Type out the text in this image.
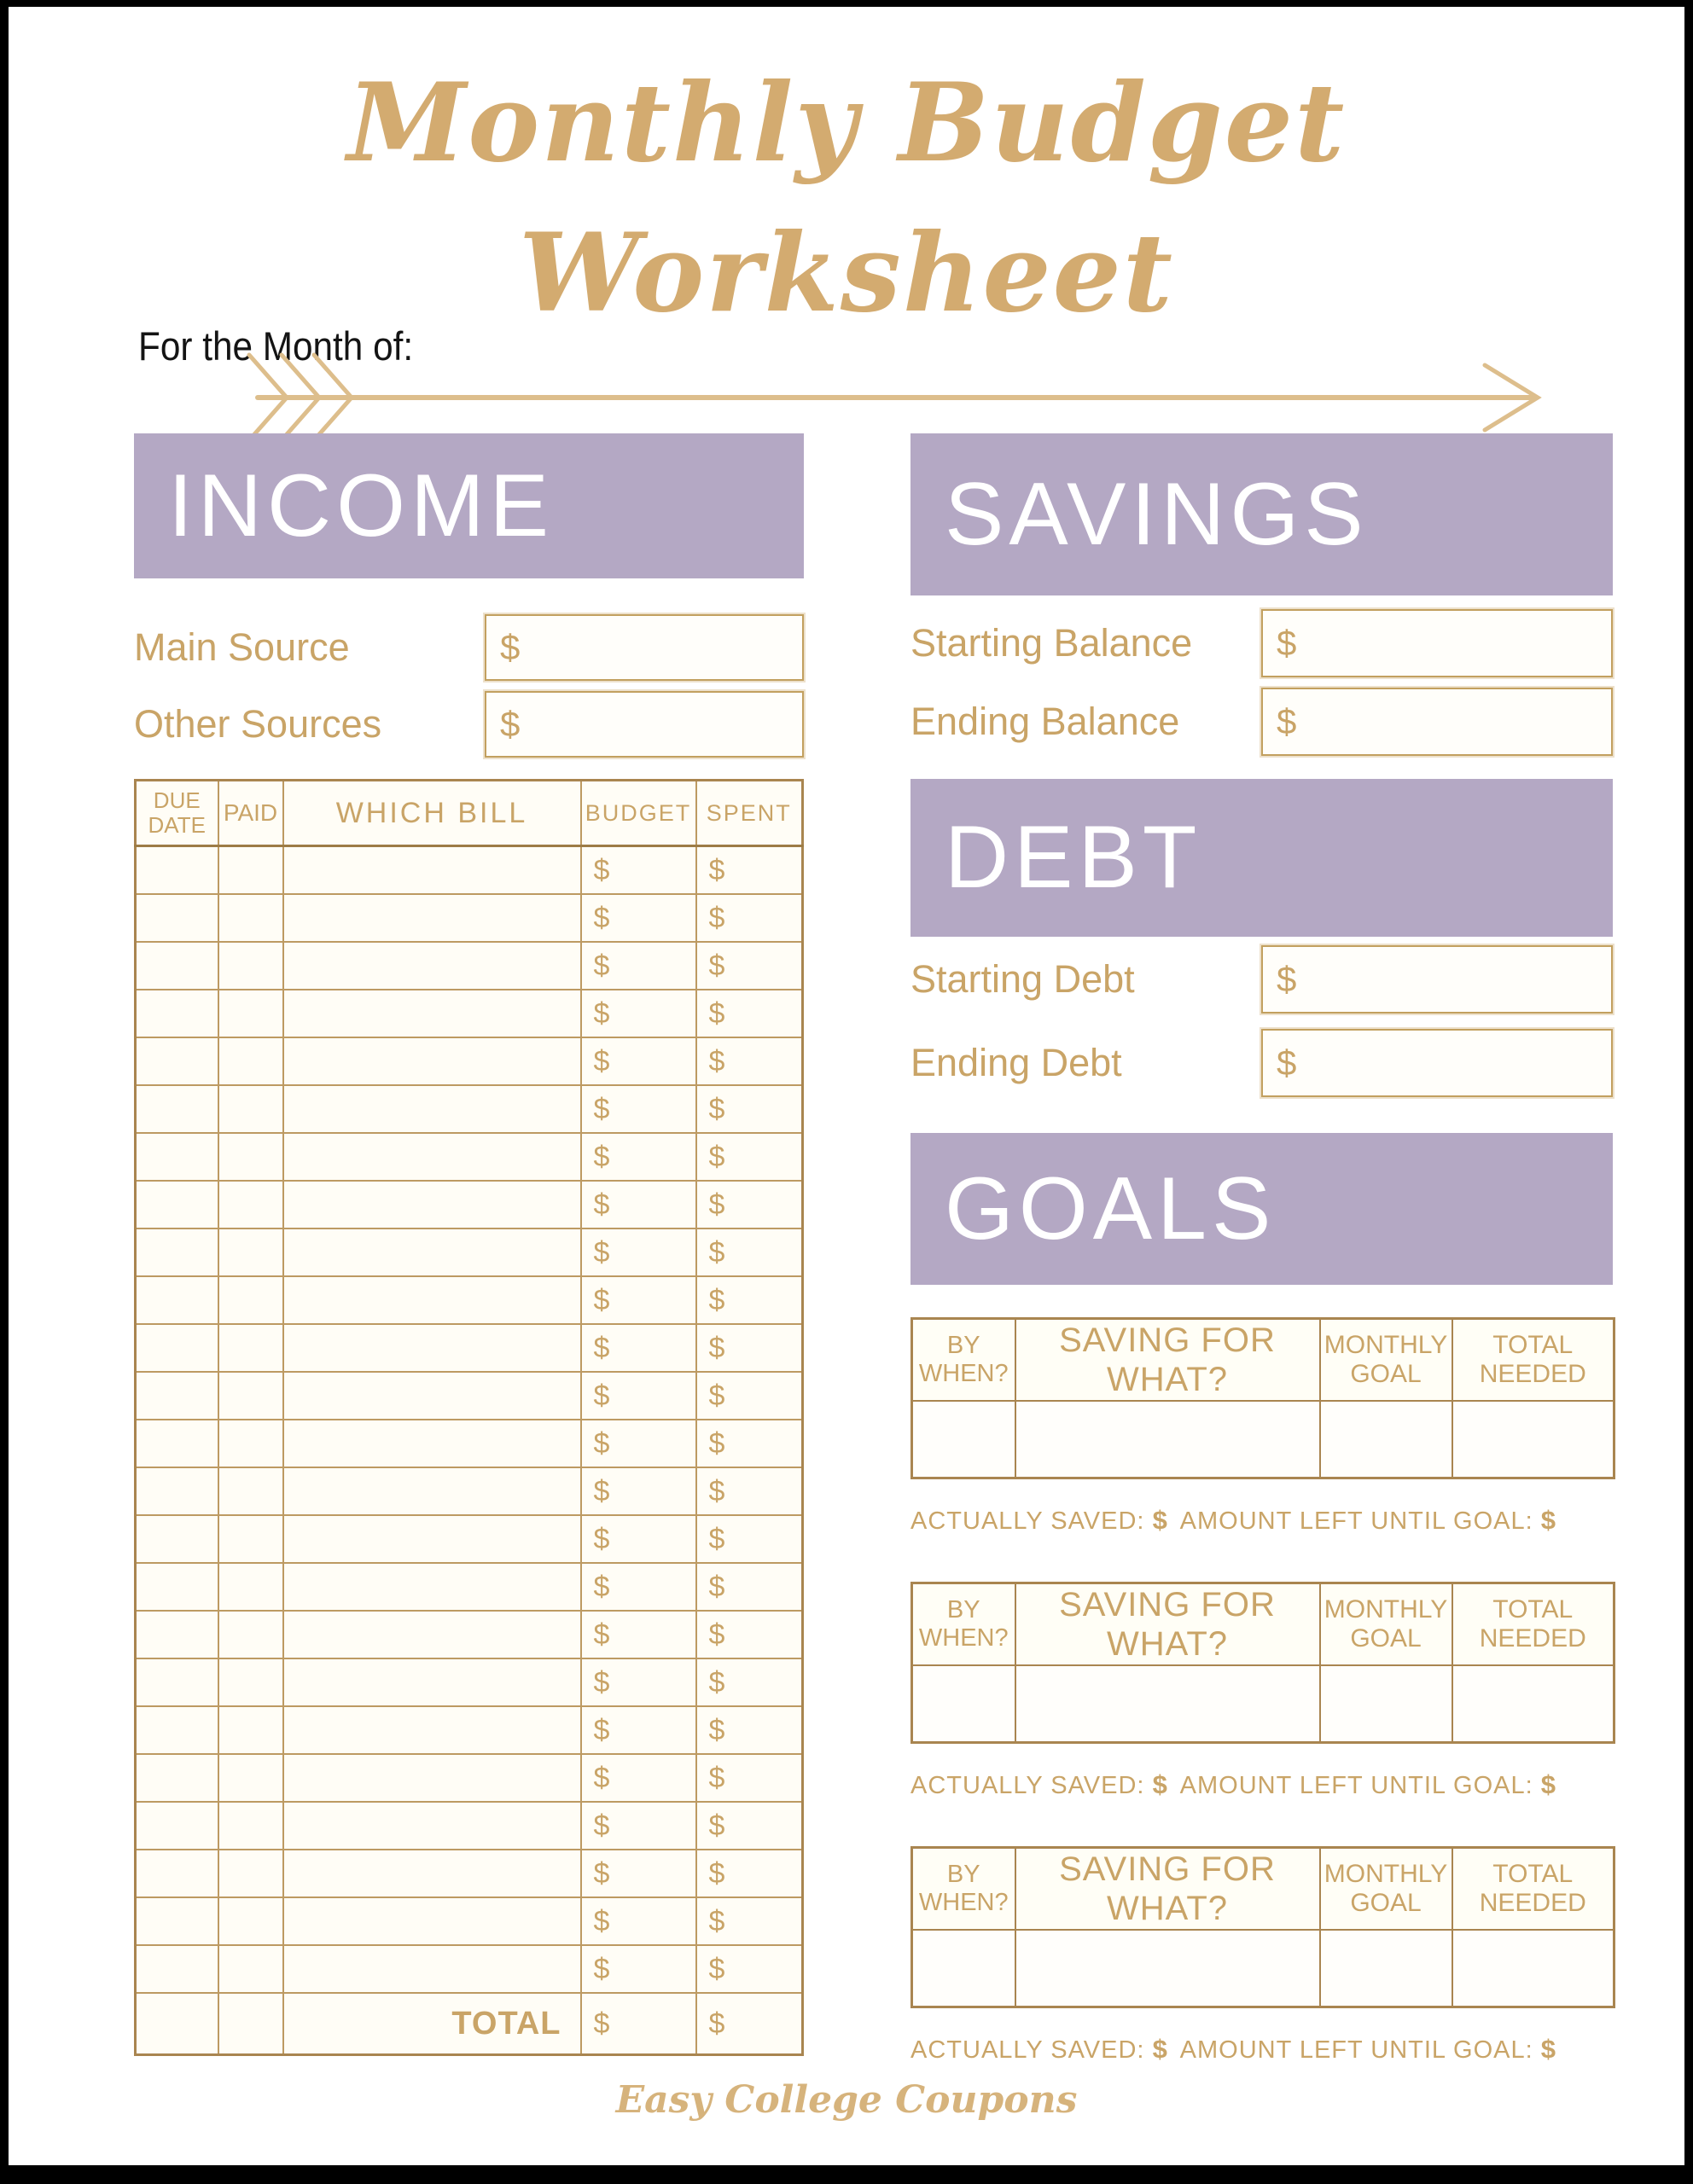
Monthly Budget Worksheet
For the Month of:
INCOME
Main Source	$
Other Sources	$
DUE DATE	PAID	WHICH BILL	BUDGET	SPENT
			$	$
			$	$
			$	$
			$	$
			$	$
			$	$
			$	$
			$	$
			$	$
			$	$
			$	$
			$	$
			$	$
			$	$
			$	$
			$	$
			$	$
			$	$
			$	$
			$	$
			$	$
			$	$
			$	$
			$	$
		TOTAL	$	$
SAVINGS
Starting Balance $
Ending Balance	$
DEBT
Starting Debt	$
Ending Debt	$
GOALS
BY WHEN?	SAVING FOR WHAT?	MONTHLY GOAL	TOTAL NEEDED

ACTUALLY SAVED: $ AMOUNT LEFT UNTIL GOAL: $
BY WHEN?	SAVING FOR WHAT?	MONTHLY GOAL	TOTAL NEEDED

ACTUALLY SAVED: $ AMOUNT LEFT UNTIL GOAL: $
BY WHEN?	SAVING FOR WHAT?	MONTHLY GOAL	TOTAL NEEDED

ACTUALLY SAVED: $ AMOUNT LEFT UNTIL GOAL: $
Easy College Coupons
